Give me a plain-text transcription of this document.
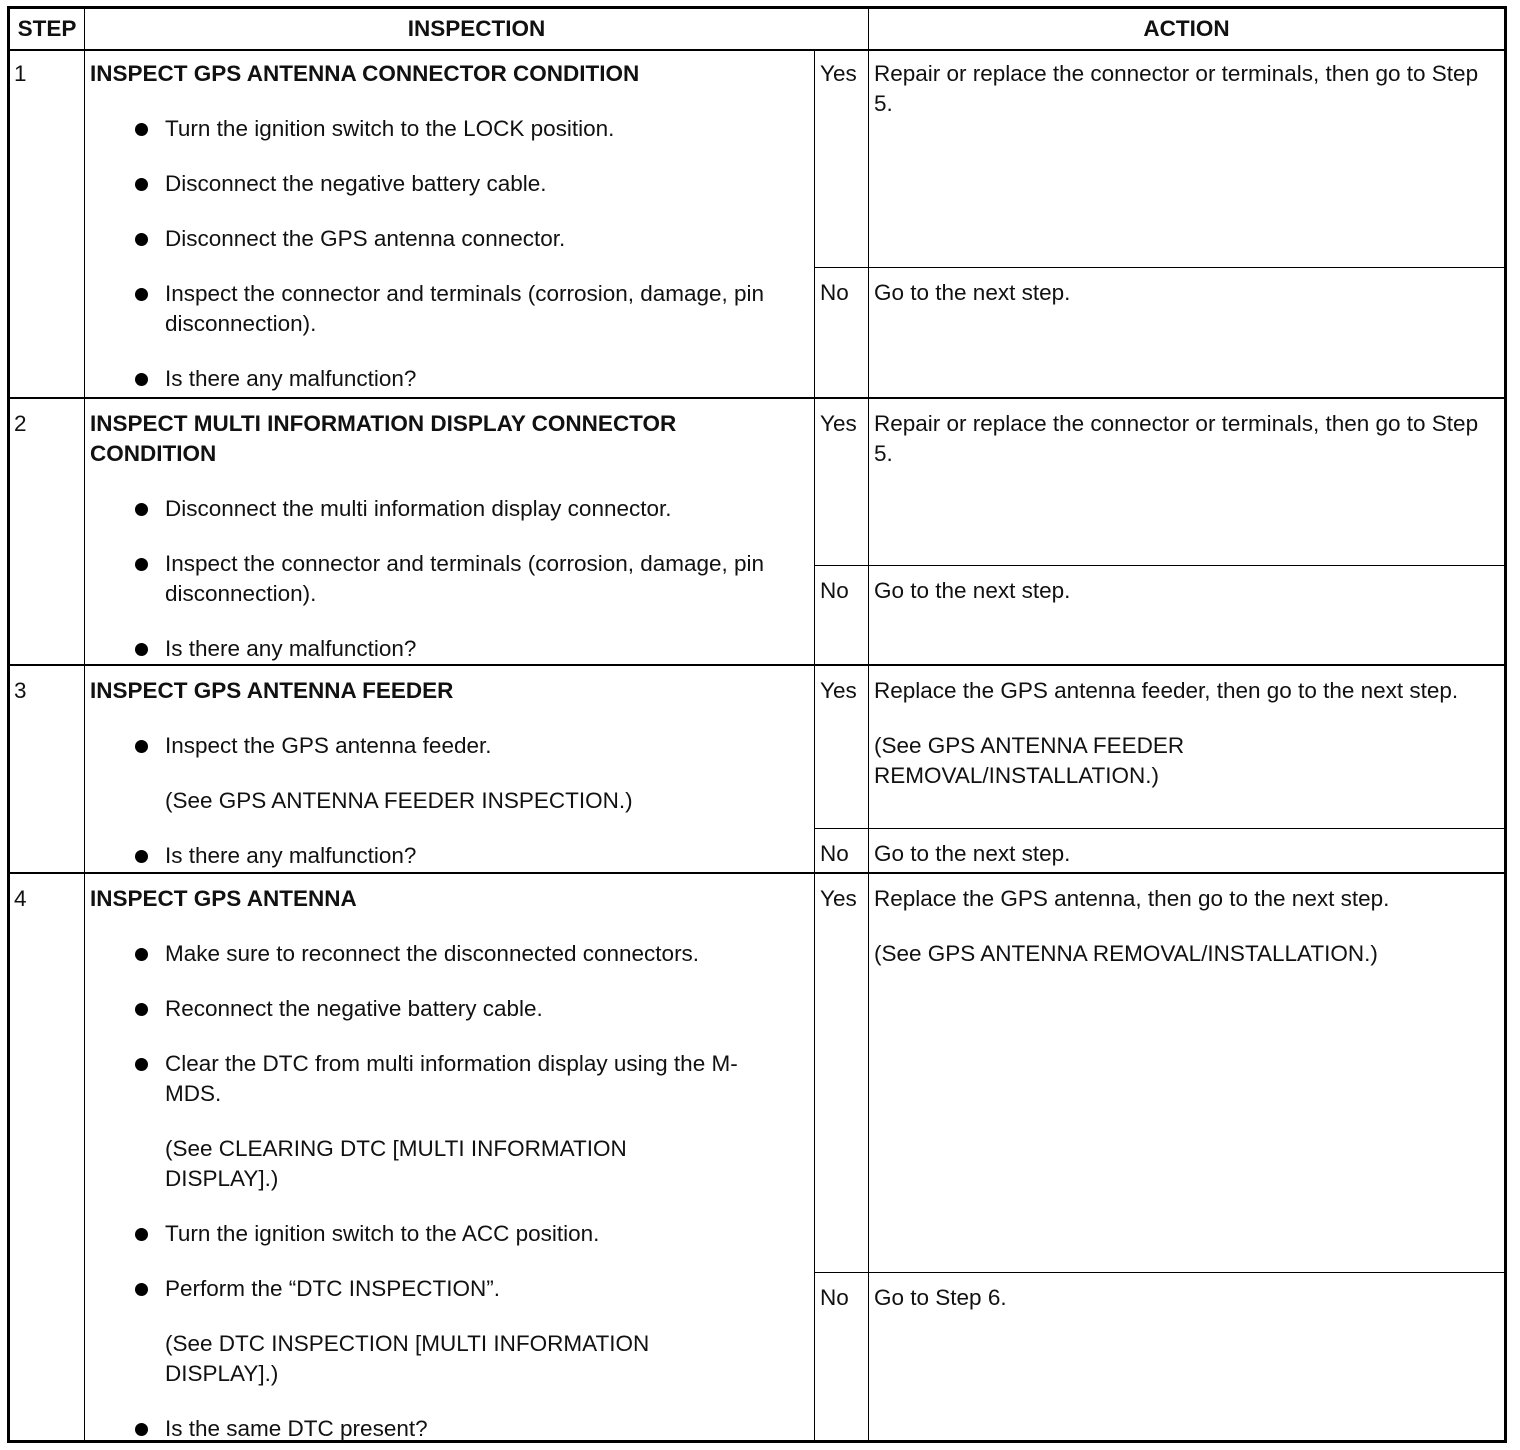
STEP	INSPECTION	ACTION
1	INSPECT GPS ANTENNA CONNECTOR CONDITION
Turn the ignition switch to the LOCK position.
Disconnect the negative battery cable.
Disconnect the GPS antenna connector.
Inspect the connector and terminals (corrosion, damage, pin disconnection).
Is there any malfunction?
Yes Repair or replace the connector or terminals, then go to Step 5.

No Go to the next step.

2	INSPECT MULTI INFORMATION DISPLAY CONNECTOR CONDITION
Disconnect the multi information display connector.
Inspect the connector and terminals (corrosion, damage, pin disconnection).
Is there any malfunction?
Yes Repair or replace the connector or terminals, then go to Step 5.

No Go to the next step.

3	INSPECT GPS ANTENNA FEEDER
Inspect the GPS antenna feeder.

(See GPS ANTENNA FEEDER INSPECTION.)

Is there any malfunction?
Yes Replace the GPS antenna feeder, then go to the next step.

(See GPS ANTENNA FEEDER REMOVAL/INSTALLATION.)

No Go to the next step.

4	INSPECT GPS ANTENNA
Make sure to reconnect the disconnected connectors.
Reconnect the negative battery cable.
Clear the DTC from multi information display using the M-MDS.

(See CLEARING DTC [MULTI INFORMATION DISPLAY].)

Turn the ignition switch to the ACC position.
Perform the “DTC INSPECTION”.

(See DTC INSPECTION [MULTI INFORMATION DISPLAY].)

Is the same DTC present?
Yes Replace the GPS antenna, then go to the next step.

(See GPS ANTENNA REMOVAL/INSTALLATION.)

No Go to Step 6.
